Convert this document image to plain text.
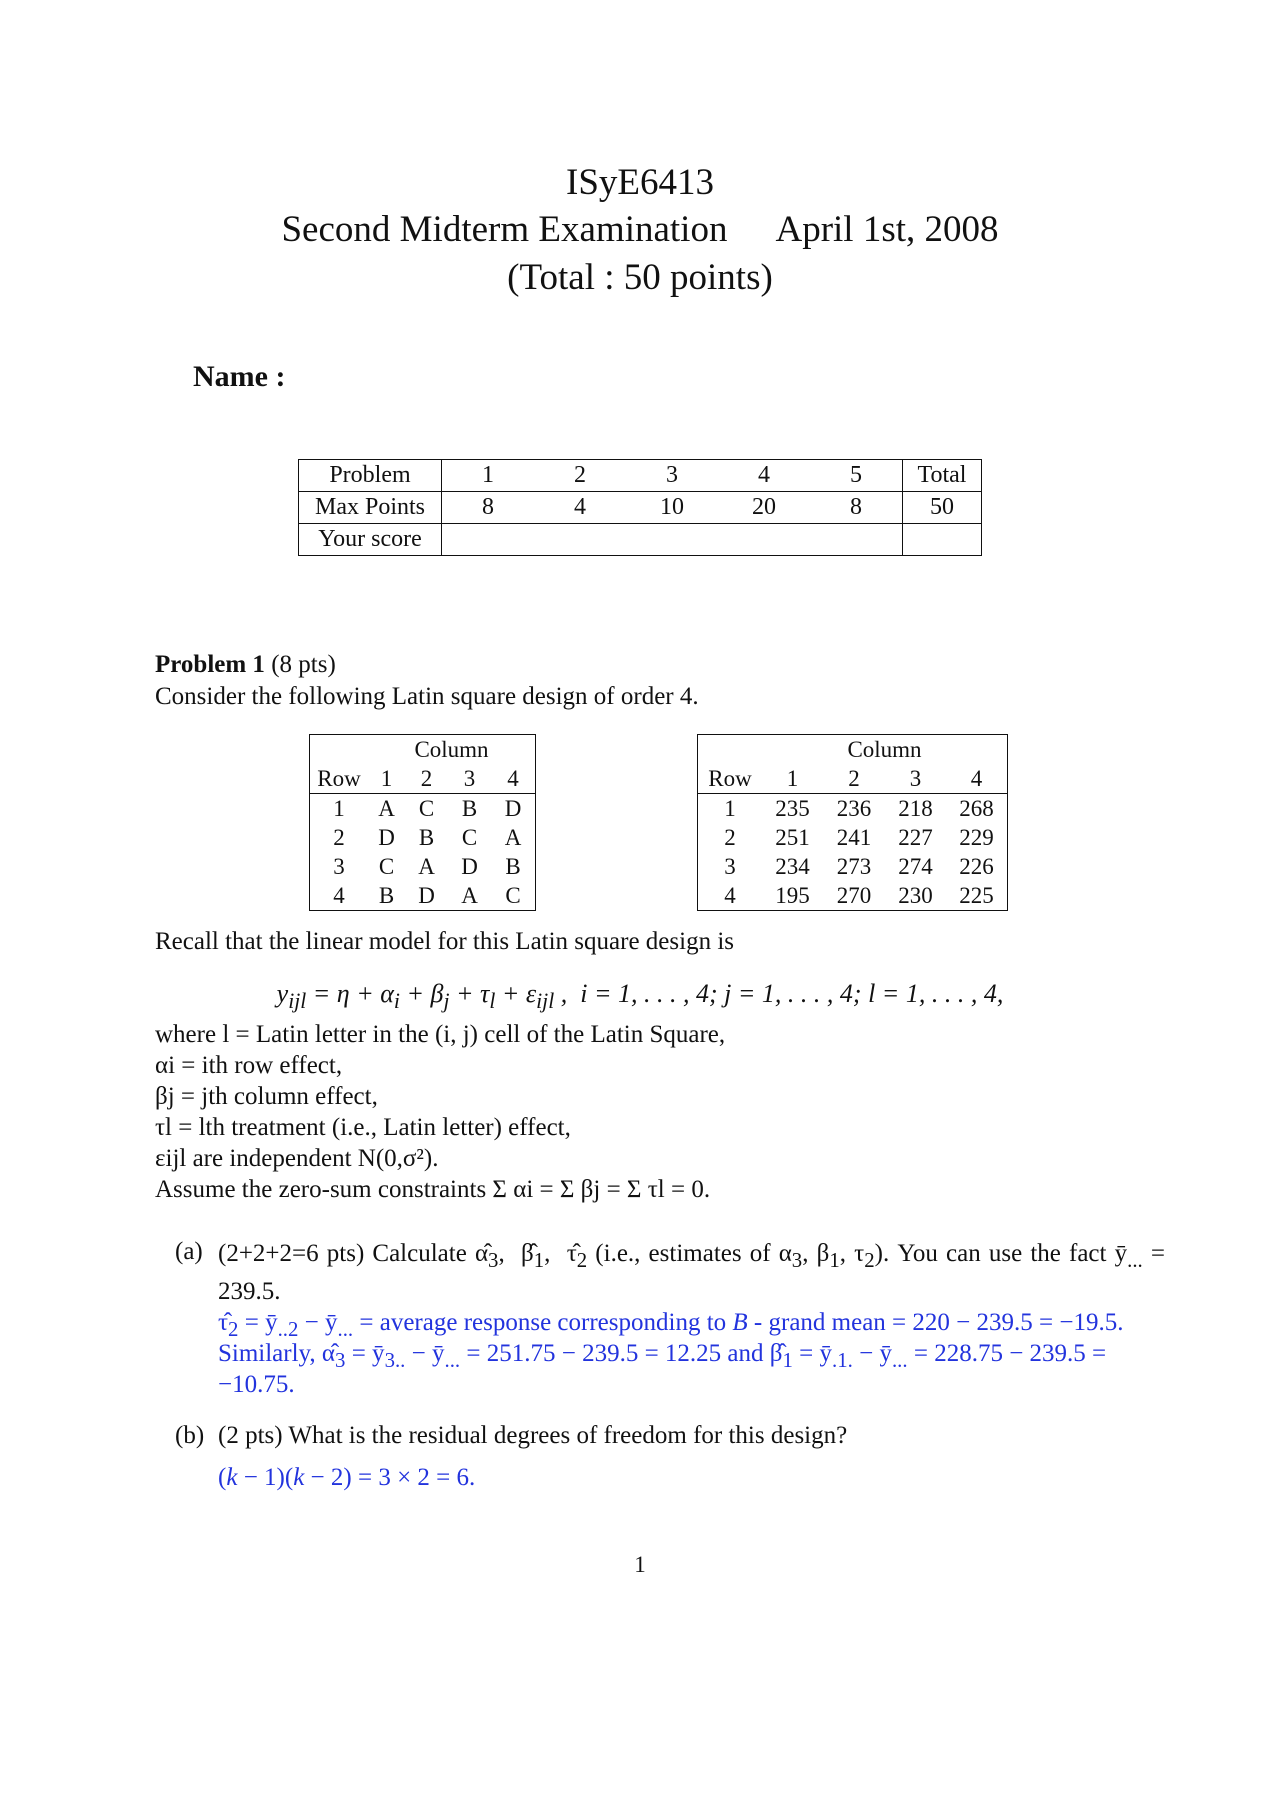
ISyE6413
Second Midterm Examination April 1st, 2008
(Total : 50 points)
Name :
Problem	1	2	3	4	5	Total
Max Points	8	4	10	20	8	50
Your score						
Problem 1 (8 pts)
Consider the following Latin square design of order 4.
	Column			
Row	1	2	3	4
1	A	C	B	D
2	D	B	C	A
3	C	A	D	B
4	B	D	A	C
	Column			
Row	1	2	3	4
1	235	236	218	268
2	251	241	227	229
3	234	273	274	226
4	195	270	230	225
Recall that the linear model for this Latin square design is
$y_{ijl} = \eta + \alpha_i + \beta_j + \tau_l + \varepsilon_{ijl}$ ,  i = 1, . . . , 4; j = 1, . . . , 4; l = 1, . . . , 4,
where l = Latin letter in the (i, j) cell of the Latin Square,
αi = ith row effect,
βj = jth column effect,
τl = lth treatment (i.e., Latin letter) effect,
εijl are independent N(0,σ²).
Assume the zero-sum constraints Σ αi = Σ βj = Σ τl = 0.
(a) (2+2+2=6 pts) Calculate $\alphâ_3$,  $\betâ_1$,  $\taû_2$ (i.e., estimates of $\alpha_3$, $\beta_1$, $\tau_2$). You can use the fact $ȳ_{...} = 239.5$.
$\taû_2$ = $ȳ_{..2}$ − $ȳ_{...}$ = average response corresponding to B - grand mean = 220 − 239.5 = −19.5.
Similarly, $\alphâ_3$ = $ȳ_{3..}$ − $ȳ_{...} = 251.75 - 239.5 = 12.25$ and $\betâ_1$ = $ȳ_{.1.}$ − $ȳ_{...} = 228.75 - 239.5$ =
−10.75.
(b) (2 pts) What is the residual degrees of freedom for this design?
(k − 1)(k − 2) = 3 × 2 = 6.
1
